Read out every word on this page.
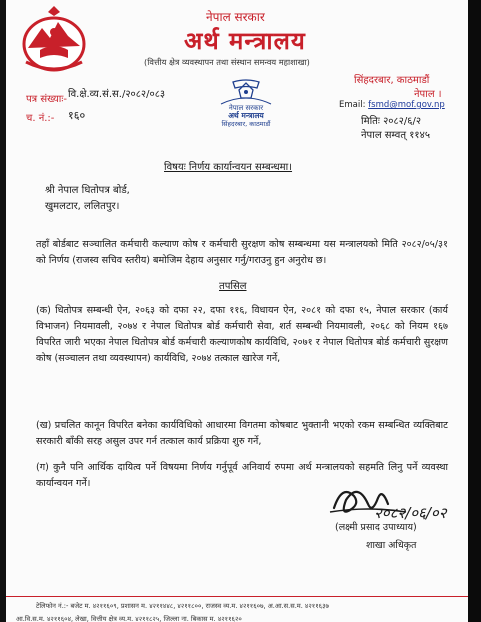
नेपाल सरकार
अर्थ मन्त्रालय
(वित्तीय क्षेत्र व्यवस्थापन तथा संस्थान समन्वय महाशाखा)
सिंहदरबार, काठमाडौं
नेपाल ।
Email: fsmd@mof.gov.np
मितिः २०८२/६/२
नेपाल सम्वत् ११४५
पत्र संख्याः- वि.क्षे.व्य.सं.स./२०८२/०८३
च. नं.:- १६०
नेपाल सरकार
अर्थ मन्त्रालय
सिंहदरबार, काठमाडौं
विषयः निर्णय कार्यान्वयन सम्बन्धमा।
श्री नेपाल धितोपत्र बोर्ड,
खुमलटार, ललितपुर।

तहाँ बोर्डबाट सञ्चालित कर्मचारी कल्याण कोष र कर्मचारी सुरक्षण कोष सम्बन्धमा यस मन्त्रालयको मिति २०८२/०५/३१ को निर्णय (राजस्व सचिव स्तरीय) बमोजिम देहाय अनुसार गर्नु/गराउनु हुन अनुरोध छ।

तपसिल

(क) धितोपत्र सम्बन्धी ऐन, २०६३ को दफा २२, दफा ११६, विधायन ऐन, २०८१ को दफा १५, नेपाल सरकार (कार्य विभाजन) नियमावली, २०७४ र नेपाल धितोपत्र बोर्ड कर्मचारी सेवा, शर्त सम्बन्धी नियमावली, २०६८ को नियम १६७ विपरित जारी भएका नेपाल धितोपत्र बोर्ड कर्मचारी कल्याणकोष कार्यविधि, २०७१ र नेपाल धितोपत्र बोर्ड कर्मचारी सुरक्षण कोष (सञ्चालन तथा व्यवस्थापन) कार्यविधि, २०७४ तत्काल खारेज गर्ने,

(ख) प्रचलित कानून विपरित बनेका कार्यविधिको आधारमा विगतमा कोषबाट भुक्तानी भएको रकम सम्बन्धित व्यक्तिबाट सरकारी बाँकी सरह असुल उपर गर्न तत्काल कार्य प्रक्रिया शुरु गर्ने,

(ग) कुनै पनि आर्थिक दायित्व पर्ने विषयमा निर्णय गर्नुपूर्व अनिवार्य रुपमा अर्थ मन्त्रालयको सहमति लिनु पर्ने व्यवस्था कार्यान्वयन गर्ने।

२०८२/०६/०२
(लक्ष्मी प्रसाद उपाध्याय)
शाखा अधिकृत
टेलिफोन नं.:- बजेट म. ४२११६०९, प्रशासन म. ४२११४४८, ४२११८००, राजस्व व्य.म. ४२११६०७, अ.आ.स.स.म. ४२११६३७
आ.वि.स.म. ४२११६०४, लेखा, वित्तीय क्षेत्र व्य.म. ४२११८२५, जिल्ला ना. बिकास म. ४२११६२०
